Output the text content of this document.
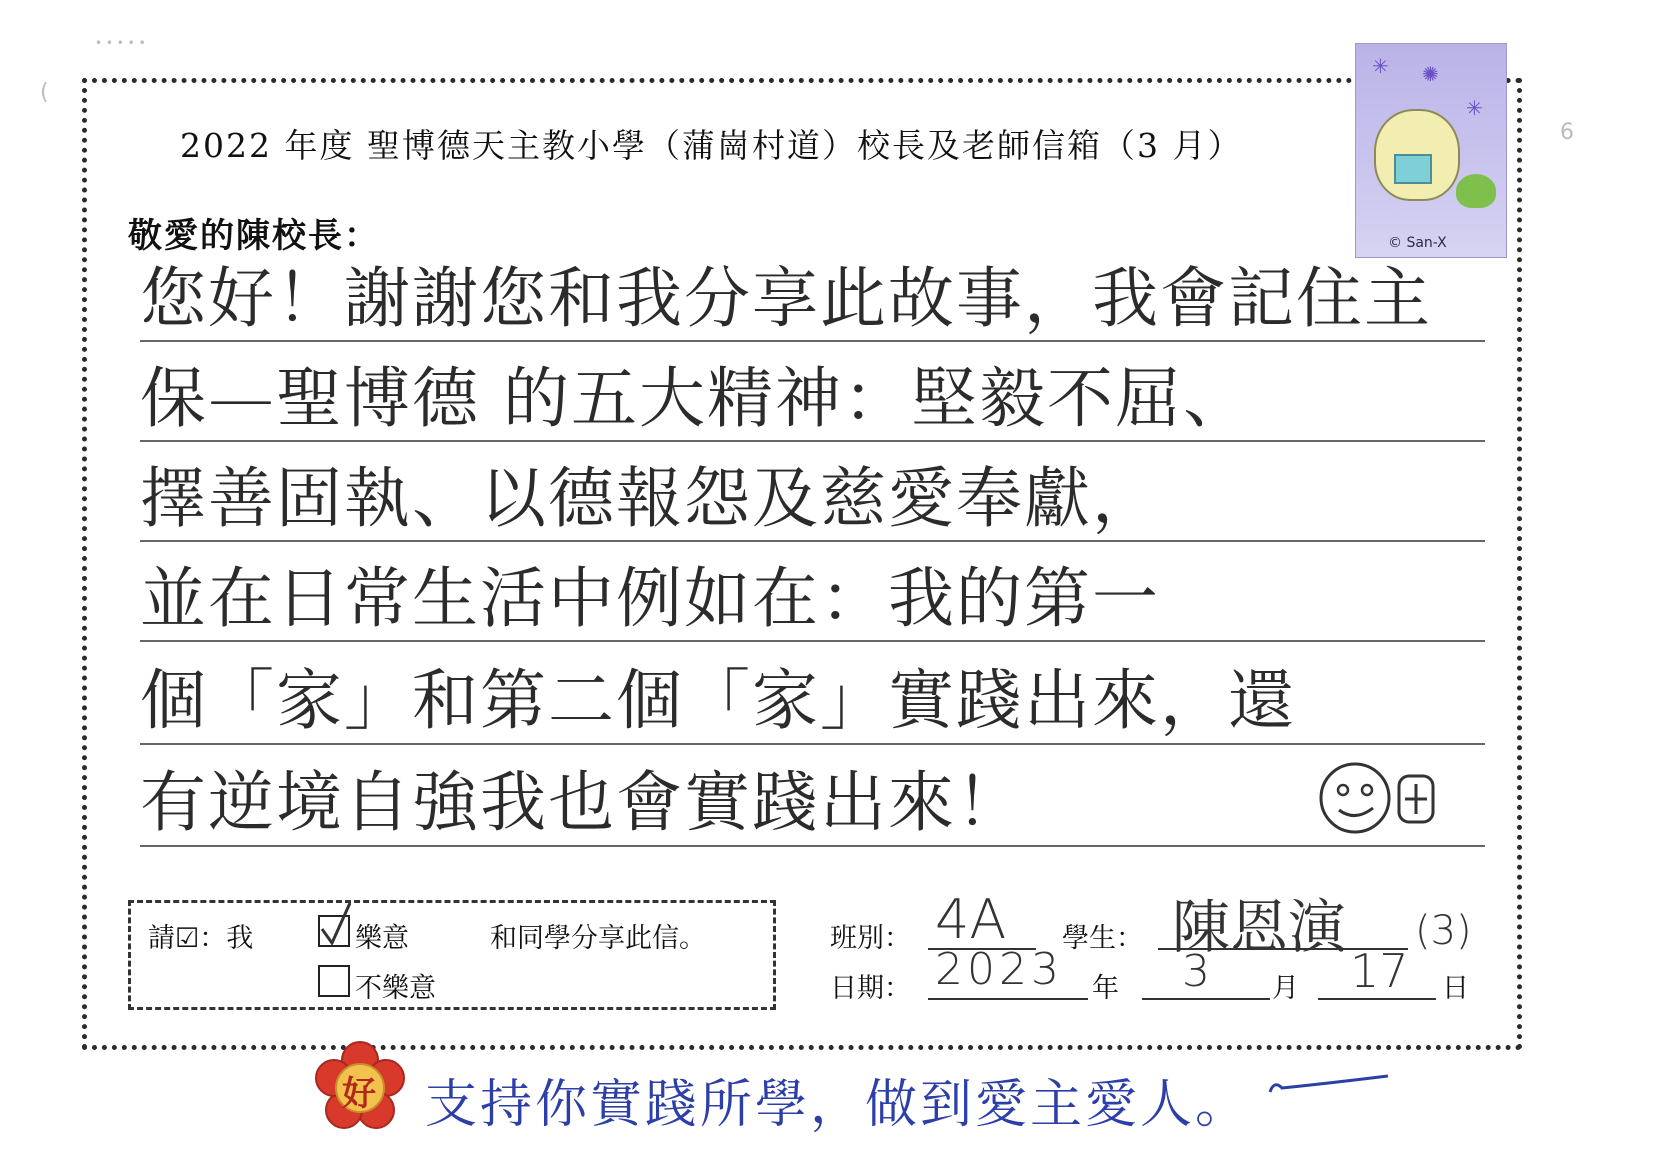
• • • • •
(
6
2022 年度 聖博德天主教小學（蒲崗村道）校長及老師信箱（3 月）
✳ ✺
✳
© San-X
敬愛的陳校長：
您好！謝謝您和我分享此故事，我會記住主
保—聖博德 的五大精神：堅毅不屈、
擇善固執、以德報怨及慈愛奉獻，
並在日常生活中例如在：我的第一
個「家」和第二個「家」實踐出來，還
有逆境自強我也會實踐出來！
請☑：我	樂意	和同學分享此信。
不樂意
班別： 4A 學生： 陳恩演 (3)
日期： 2023 年 3 月 17 日
好 支持你實踐所學，做到愛主愛人。
